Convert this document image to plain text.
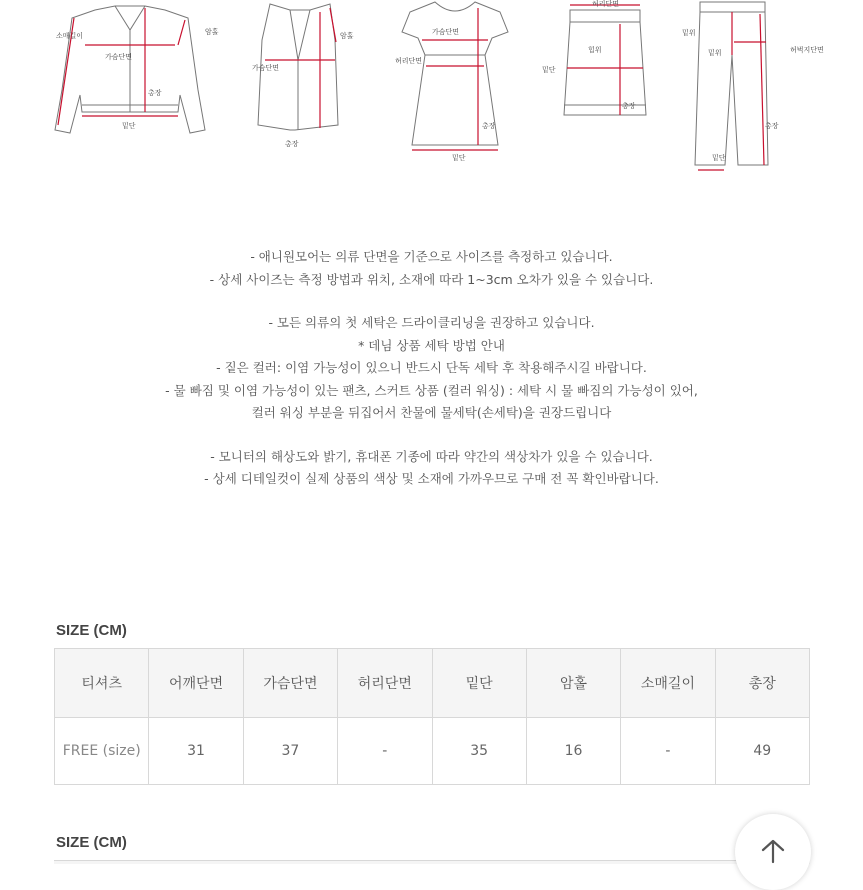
소매길이
가슴단면
암홀
총장
밑단
가슴단면
암홀
총장
가슴단면
허리단면
총장
밑단
허리단면
힙위
밑단
총장
밑위
밑위	허벅지단면
총장
밑단
- 애니원모어는 의류 단면을 기준으로 사이즈를 측정하고 있습니다.
- 상세 사이즈는 측정 방법과 위치, 소재에 따라 1~3cm 오차가 있을 수 있습니다.
- 모든 의류의 첫 세탁은 드라이클리닝을 권장하고 있습니다.
* 데님 상품 세탁 방법 안내
- 짙은 컬러: 이염 가능성이 있으니 반드시 단독 세탁 후 착용해주시길 바랍니다.
- 물 빠짐 및 이염 가능성이 있는 팬츠, 스커트 상품 (컬러 워싱) : 세탁 시 물 빠짐의 가능성이 있어,
컬러 워싱 부분을 뒤집어서 찬물에 물세탁(손세탁)을 권장드립니다
- 모니터의 해상도와 밝기, 휴대폰 기종에 따라 약간의 색상차가 있을 수 있습니다.
- 상세 디테일컷이 실제 상품의 색상 및 소재에 가까우므로 구매 전 꼭 확인바랍니다.
SIZE (CM)
티셔츠	어깨단면	가슴단면	허리단면	밑단	암홀	소매길이	총장
FREE (size)	31	37	-	35	16	-	49
SIZE (CM)
